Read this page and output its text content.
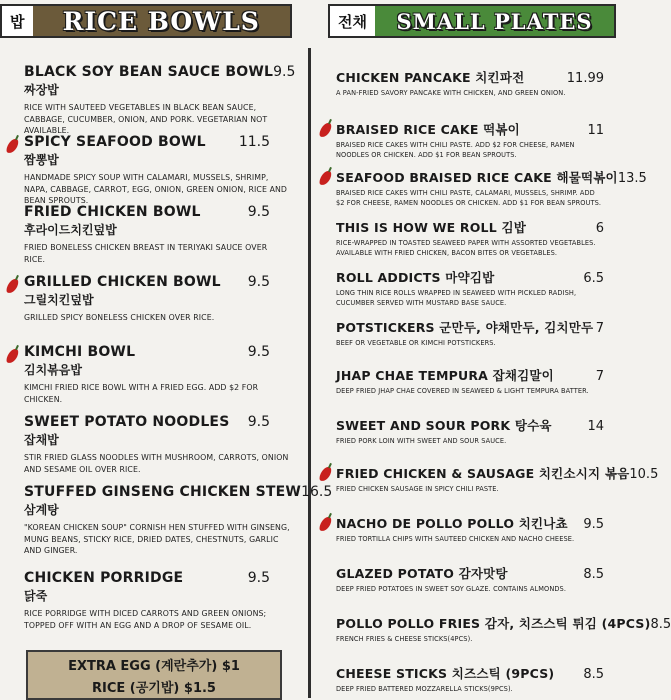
밥	RICE BOWLS	전채	SMALL PLATES
BLACK SOY BEAN SAUCE BOWL 9.5
짜장밥
RICE WITH SAUTEED VEGETABLES IN BLACK BEAN SAUCE, CABBAGE, CUCUMBER, ONION, AND PORK. VEGETARIAN NOT AVAILABLE.
SPICY SEAFOOD BOWL 11.5
짬뽕밥
HANDMADE SPICY SOUP WITH CALAMARI, MUSSELS, SHRIMP, NAPA, CABBAGE, CARROT, EGG, ONION, GREEN ONION, RICE AND BEAN SPROUTS.
FRIED CHICKEN BOWL	9.5
후라이드치킨덮밥
FRIED BONELESS CHICKEN BREAST IN TERIYAKI SAUCE OVER RICE.
GRILLED CHICKEN BOWL 9.5
그릴치킨덮밥
GRILLED SPICY BONELESS CHICKEN OVER RICE.
KIMCHI BOWL	9.5
김치볶음밥
KIMCHI FRIED RICE BOWL WITH A FRIED EGG. ADD $2 FOR CHICKEN.
SWEET POTATO NOODLES 9.5
잡채밥
STIR FRIED GLASS NOODLES WITH MUSHROOM, CARROTS, ONION AND SESAME OIL OVER RICE.
STUFFED GINSENG CHICKEN STEW 16.5
삼계탕
"KOREAN CHICKEN SOUP" CORNISH HEN STUFFED WITH GINSENG, MUNG BEANS, STICKY RICE, DRIED DATES, CHESTNUTS, GARLIC AND GINGER.
CHICKEN PORRIDGE	9.5
닭죽
RICE PORRIDGE WITH DICED CARROTS AND GREEN ONIONS; TOPPED OFF WITH AN EGG AND A DROP OF SESAME OIL.
EXTRA EGG (계란추가) $1
RICE (공기밥) $1.5
CHICKEN PANCAKE 치킨파전	11.99
A PAN-FRIED SAVORY PANCAKE WITH CHICKEN, AND GREEN ONION.
BRAISED RICE CAKE 떡볶이	11
BRAISED RICE CAKES WITH CHILI PASTE. ADD $2 FOR CHEESE, RAMEN NOODLES OR CHICKEN. ADD $1 FOR BEAN SPROUTS.
SEAFOOD BRAISED RICE CAKE 해물떡볶이 13.5
BRAISED RICE CAKES WITH CHILI PASTE, CALAMARI, MUSSELS, SHRIMP. ADD $2 FOR CHEESE, RAMEN NOODLES OR CHICKEN. ADD $1 FOR BEAN SPROUTS.
THIS IS HOW WE ROLL 김밥	6
RICE-WRAPPED IN TOASTED SEAWEED PAPER WITH ASSORTED VEGETABLES. AVAILABLE WITH FRIED CHICKEN, BACON BITES OR VEGETABLES.
ROLL ADDICTS 마약김밥	6.5
LONG THIN RICE ROLLS WRAPPED IN SEAWEED WITH PICKLED RADISH, CUCUMBER SERVED WITH MUSTARD BASE SAUCE.
POTSTICKERS 군만두, 야채만두, 김치만두 7
BEEF OR VEGETABLE OR KIMCHI POTSTICKERS.
JHAP CHAE TEMPURA 잡채김말이	7
DEEP FRIED JHAP CHAE COVERED IN SEAWEED & LIGHT TEMPURA BATTER.
SWEET AND SOUR PORK 탕수육	14
FRIED PORK LOIN WITH SWEET AND SOUR SAUCE.
FRIED CHICKEN & SAUSAGE 치킨소시지 볶음 10.5
FRIED CHICKEN SAUSAGE IN SPICY CHILI PASTE.
NACHO DE POLLO POLLO 치킨나쵸 9.5
FRIED TORTILLA CHIPS WITH SAUTEED CHICKEN AND NACHO CHEESE.
GLAZED POTATO 감자맛탕	8.5
DEEP FRIED POTATOES IN SWEET SOY GLAZE. CONTAINS ALMONDS.
POLLO POLLO FRIES 감자, 치즈스틱 튀김 (4PCS) 8.5
FRENCH FRIES & CHEESE STICKS(4PCS).
CHEESE STICKS 치즈스틱 (9PCS) 8.5
DEEP FRIED BATTERED MOZZARELLA STICKS(9PCS).
